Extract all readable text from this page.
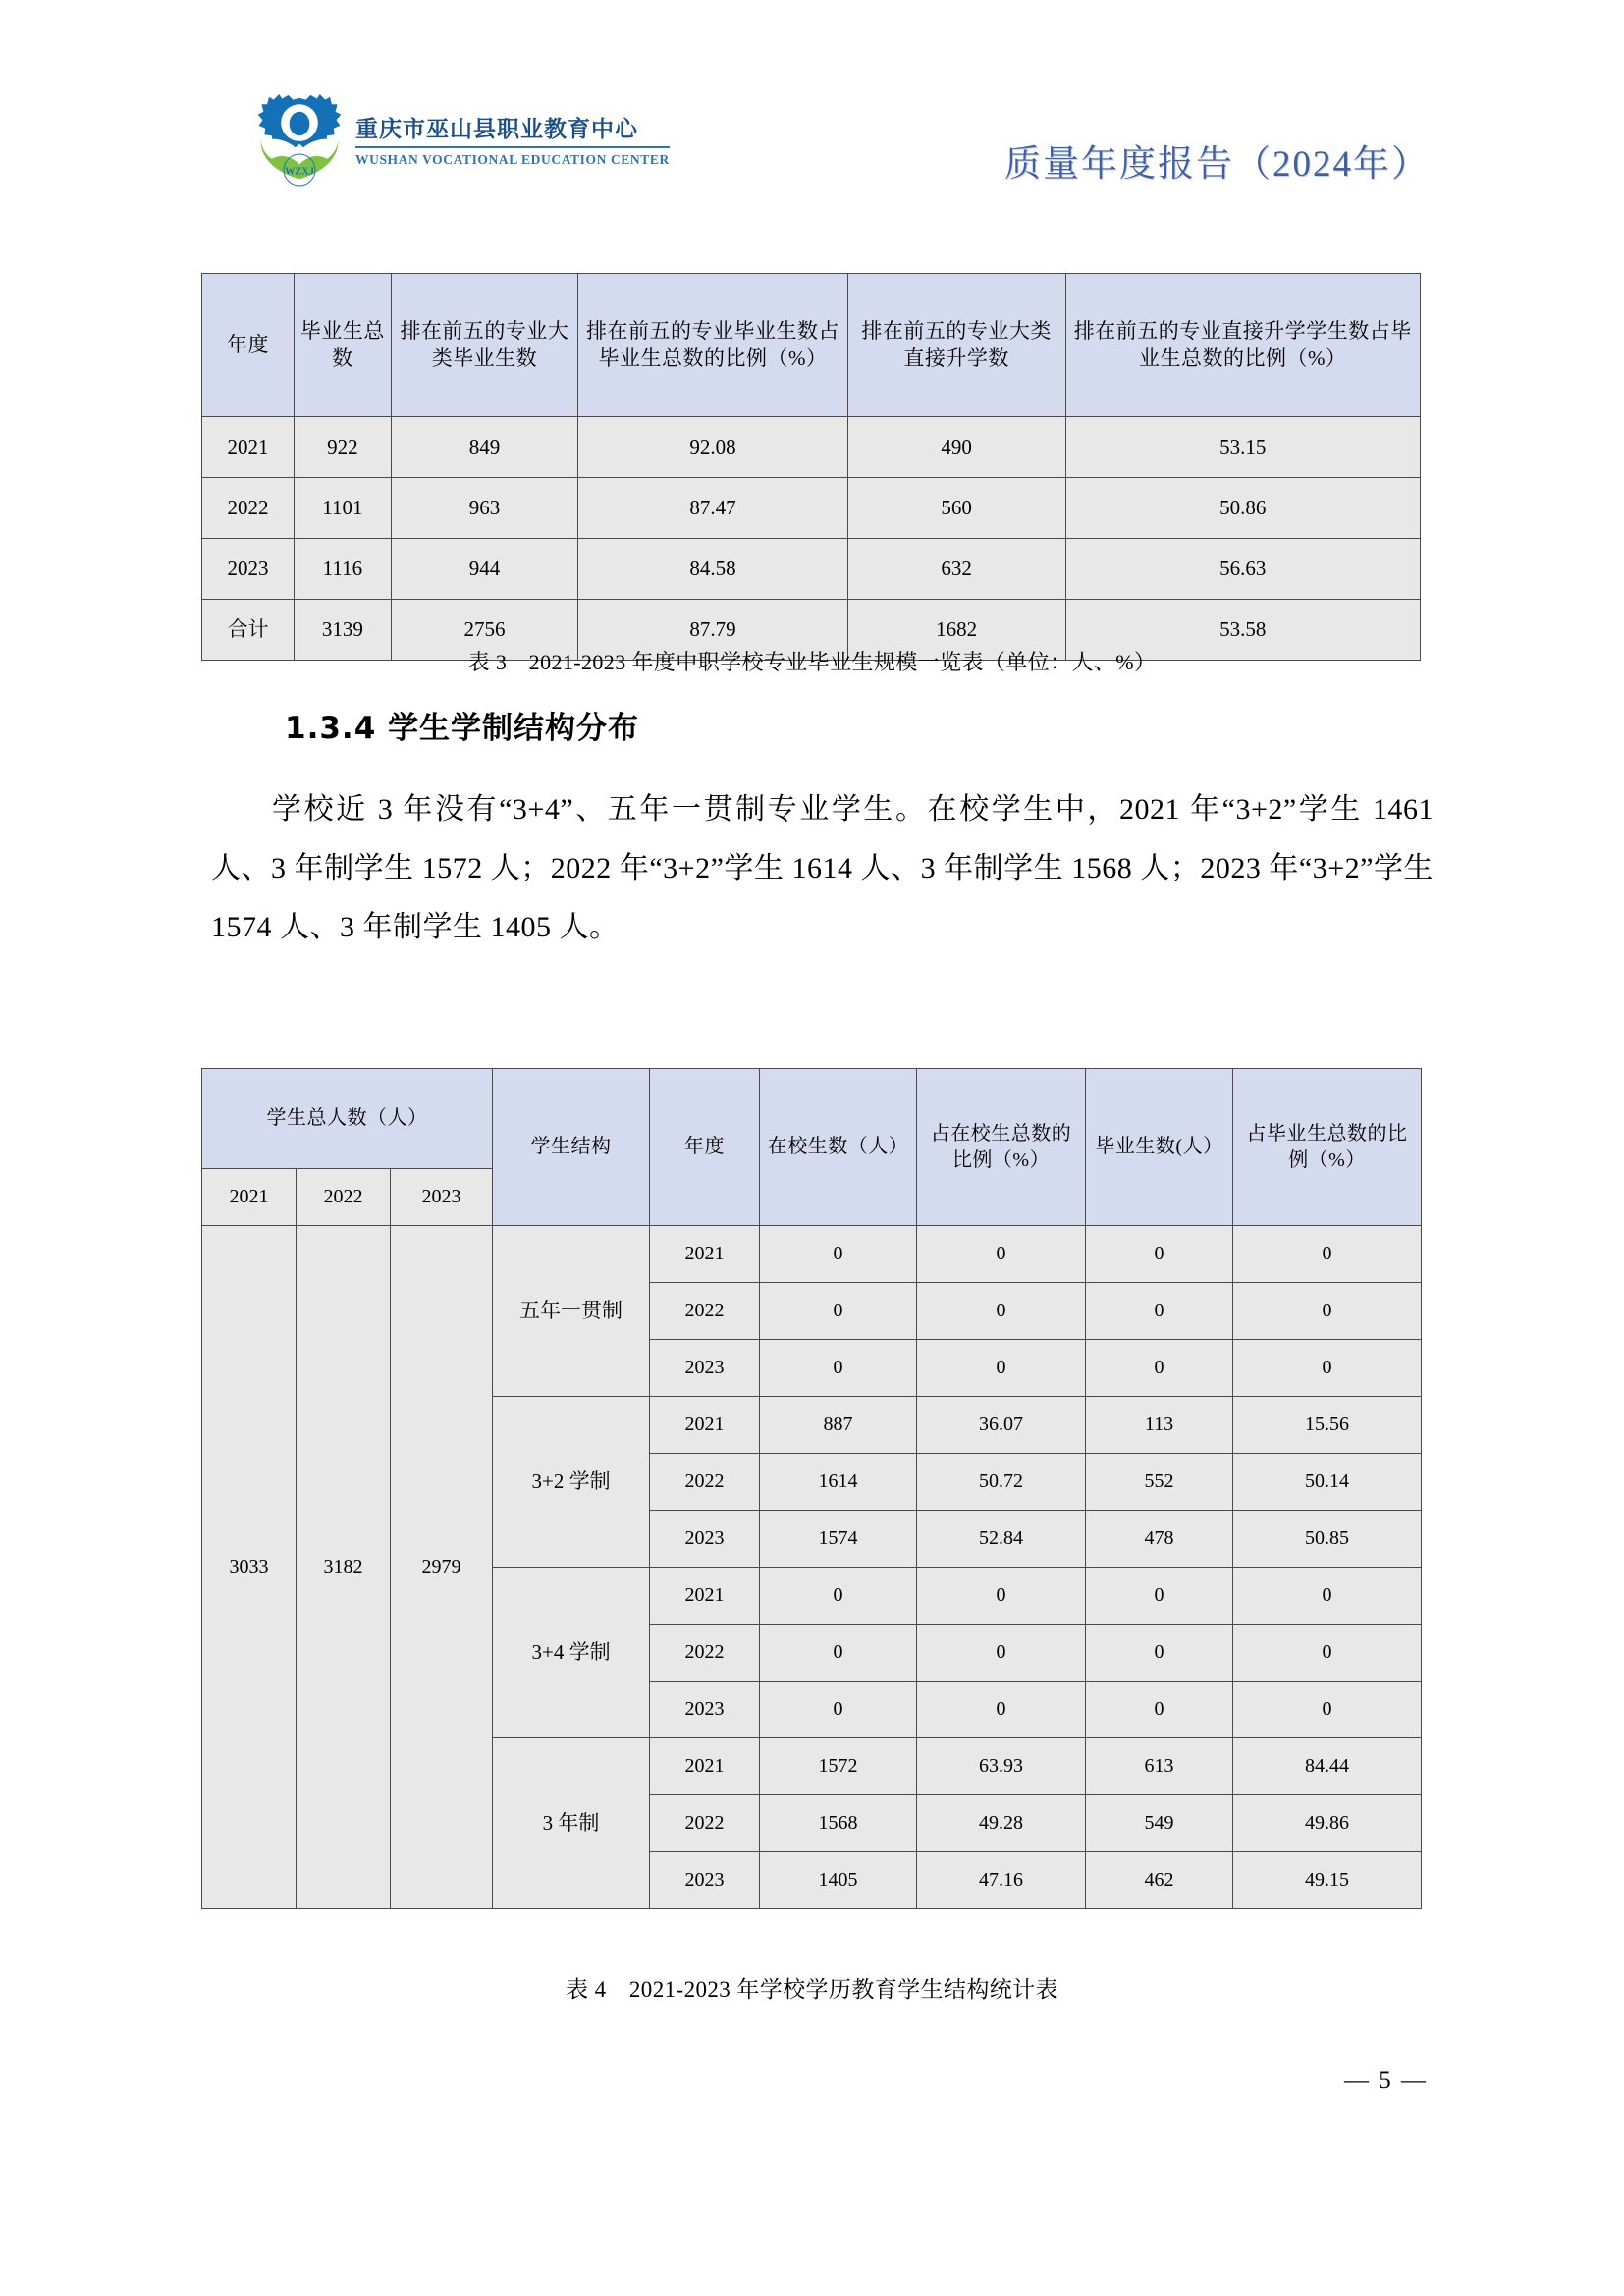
WZXJ
重庆市巫山县职业教育中心
WUSHAN VOCATIONAL EDUCATION CENTER	质量年度报告（2024年）
年度	毕业生总数	排在前五的专业大类毕业生数	排在前五的专业毕业生数占毕业生总数的比例（%）	排在前五的专业大类直接升学数	排在前五的专业直接升学学生数占毕业生总数的比例（%）
2021	922	849	92.08	490	53.15
2022	1101	963	87.47	560	50.86
2023	1116	944	84.58	632	56.63
合计	3139	2756	87.79	1682	53.58
表 3　2021-2023 年度中职学校专业毕业生规模一览表（单位：人、%）
1.3.4 学生学制结构分布
学校近 3 年没有“3+4”、五年一贯制专业学生。在校学生中，2021 年“3+2”学生 1461 人、3 年制学生 1572 人；2022 年“3+2”学生 1614 人、3 年制学生 1568 人；2023 年“3+2”学生 1574 人、3 年制学生 1405 人。
学生总人数（人）			学生结构	年度	在校生数（人）	占在校生总数的比例（%）	毕业生数(人）	占毕业生总数的比例（%）
2021	2022	2023						
3033	3182	2979	五年一贯制	2021	0	0	0	0
				2022	0	0	0	0
				2023	0	0	0	0
			3+2 学制	2021	887	36.07	113	15.56
				2022	1614	50.72	552	50.14
				2023	1574	52.84	478	50.85
			3+4 学制	2021	0	0	0	0
				2022	0	0	0	0
				2023	0	0	0	0
			3 年制	2021	1572	63.93	613	84.44
				2022	1568	49.28	549	49.86
				2023	1405	47.16	462	49.15
表 4　2021-2023 年学校学历教育学生结构统计表
— 5 —
